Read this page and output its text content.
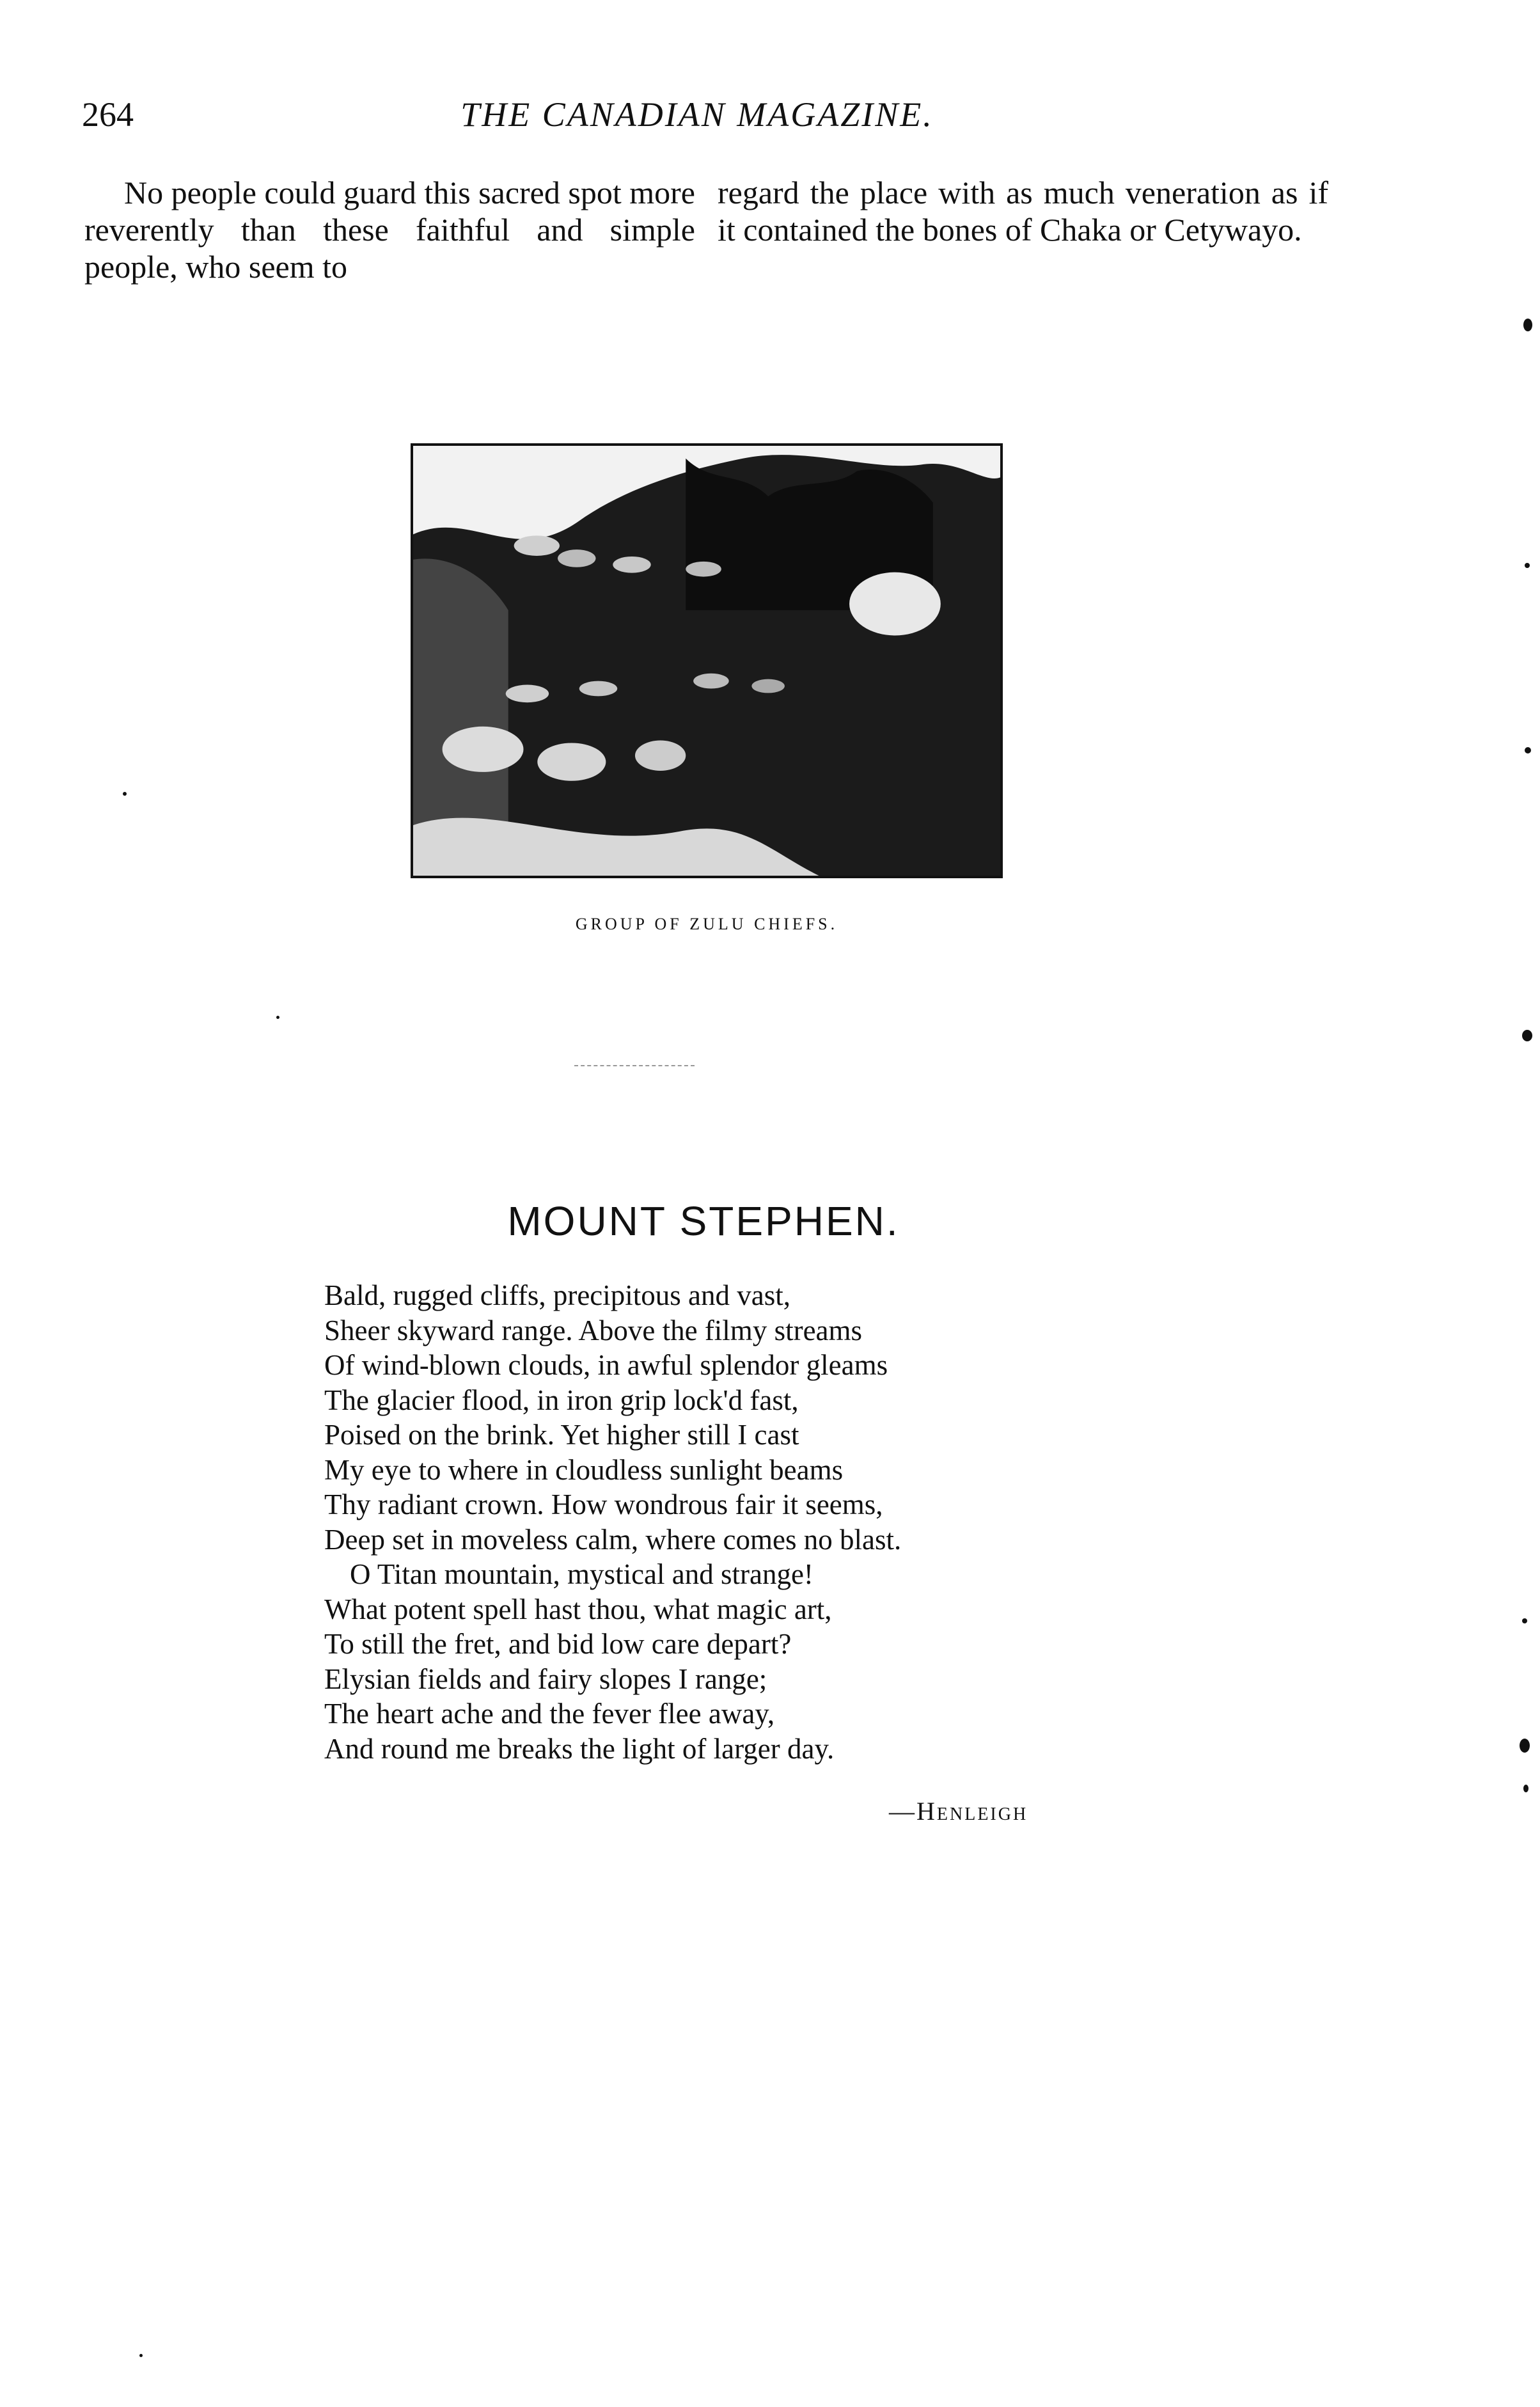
264	THE CANADIAN MAGAZINE.
No people could guard this sacred spot more reverently than these faithful and simple people, who seem to
regard the place with as much veneration as if it contained the bones of Chaka or Cetywayo.
GROUP OF ZULU CHIEFS.
MOUNT STEPHEN.
Bald, rugged cliffs, precipitous and vast,
Sheer skyward range. Above the filmy streams
Of wind-blown clouds, in awful splendor gleams
The glacier flood, in iron grip lock'd fast,
Poised on the brink. Yet higher still I cast
My eye to where in cloudless sunlight beams
Thy radiant crown. How wondrous fair it seems,
Deep set in moveless calm, where comes no blast.
O Titan mountain, mystical and strange!
What potent spell hast thou, what magic art,
To still the fret, and bid low care depart?
Elysian fields and fairy slopes I range;
The heart ache and the fever flee away,
And round me breaks the light of larger day.
—Henleigh
